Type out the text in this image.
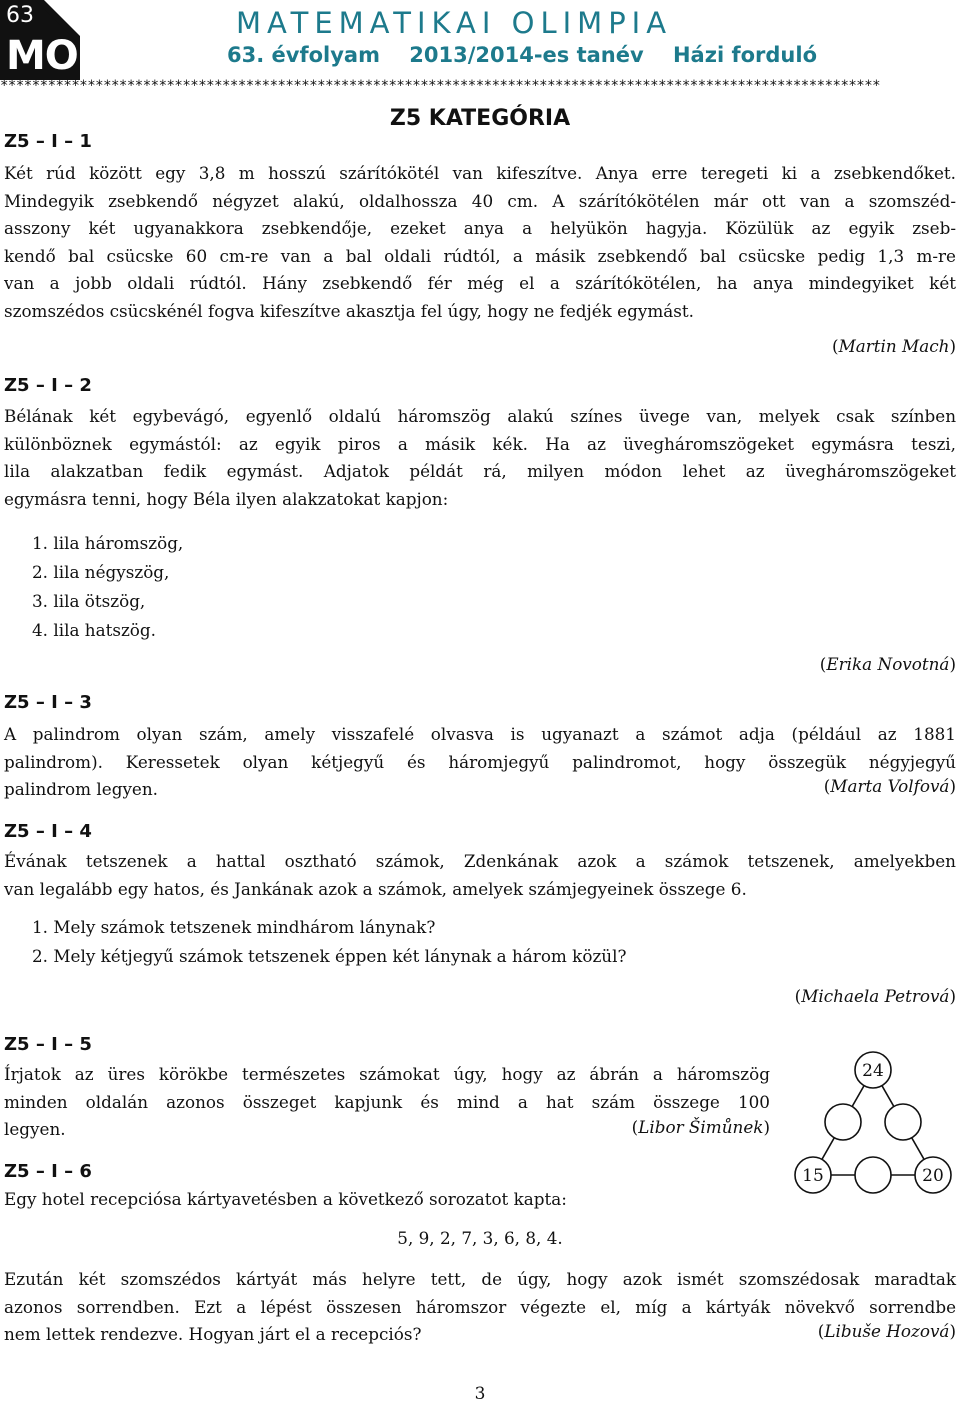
63
MO
MATEMATIKAI OLIMPIA
63. évfolyam 2013/2014-es tanév Házi forduló
***************************************************************************************************************
Z5 KATEGÓRIA
Z5 – I – 1
Két rúd között egy 3,8 m hosszú szárítókötél van kifeszítve. Anya erre teregeti ki a zsebkendőket.
Mindegyik zsebkendő négyzet alakú, oldalhossza 40 cm. A szárítókötélen már ott van a szomszéd-
asszony két ugyanakkora zsebkendője, ezeket anya a helyükön hagyja. Közülük az egyik zseb-
kendő bal csücske 60 cm-re van a bal oldali rúdtól, a másik zsebkendő bal csücske pedig 1,3 m-re
van a jobb oldali rúdtól. Hány zsebkendő fér még el a szárítókötélen, ha anya mindegyiket két
szomszédos csücskénél fogva kifeszítve akasztja fel úgy, hogy ne fedjék egymást.
(Martin Mach)
Z5 – I – 2
Bélának két egybevágó, egyenlő oldalú háromszög alakú színes üvege van, melyek csak színben
különböznek egymástól: az egyik piros a másik kék. Ha az üvegháromszögeket egymásra teszi,
lila alakzatban fedik egymást. Adjatok példát rá, milyen módon lehet az üvegháromszögeket
egymásra tenni, hogy Béla ilyen alakzatokat kapjon:
1. lila háromszög,
2. lila négyszög,
3. lila ötszög,
4. lila hatszög.
(Erika Novotná)
Z5 – I – 3
A palindrom olyan szám, amely visszafelé olvasva is ugyanazt a számot adja (például az 1881
palindrom). Keressetek olyan kétjegyű és háromjegyű palindromot, hogy összegük négyjegyű
palindrom legyen.	(Marta Volfová)
Z5 – I – 4
Évának tetszenek a hattal osztható számok, Zdenkának azok a számok tetszenek, amelyekben
van legalább egy hatos, és Jankának azok a számok, amelyek számjegyeinek összege 6.
1. Mely számok tetszenek mindhárom lánynak?
2. Mely kétjegyű számok tetszenek éppen két lánynak a három közül?
(Michaela Petrová)
Z5 – I – 5
Írjatok az üres körökbe természetes számokat úgy, hogy az ábrán a háromszög
minden oldalán azonos összeget kapjunk és mind a hat szám összege 100
legyen.	(Libor Šimůnek)
24
15	20
Z5 – I – 6
Egy hotel recepciósa kártyavetésben a következő sorozatot kapta:
5, 9, 2, 7, 3, 6, 8, 4.
Ezután két szomszédos kártyát más helyre tett, de úgy, hogy azok ismét szomszédosak maradtak
azonos sorrendben. Ezt a lépést összesen háromszor végezte el, míg a kártyák növekvő sorrendbe
nem lettek rendezve. Hogyan járt el a recepciós?	(Libuše Hozová)
3
